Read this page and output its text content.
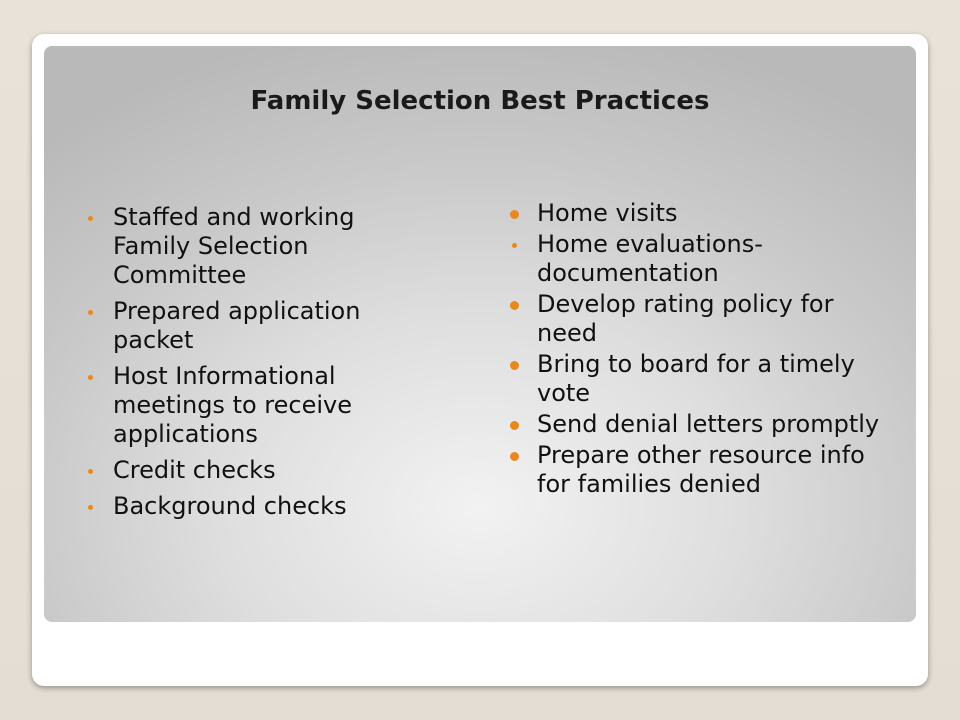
Family Selection Best Practices
Staffed and working Family Selection Committee
Prepared application packet
Host Informational meetings to receive applications
Credit checks
Background checks
Home visits
Home evaluations- documentation
Develop rating policy for need
Bring to board for a timely vote
Send denial letters promptly
Prepare other resource info for families denied
